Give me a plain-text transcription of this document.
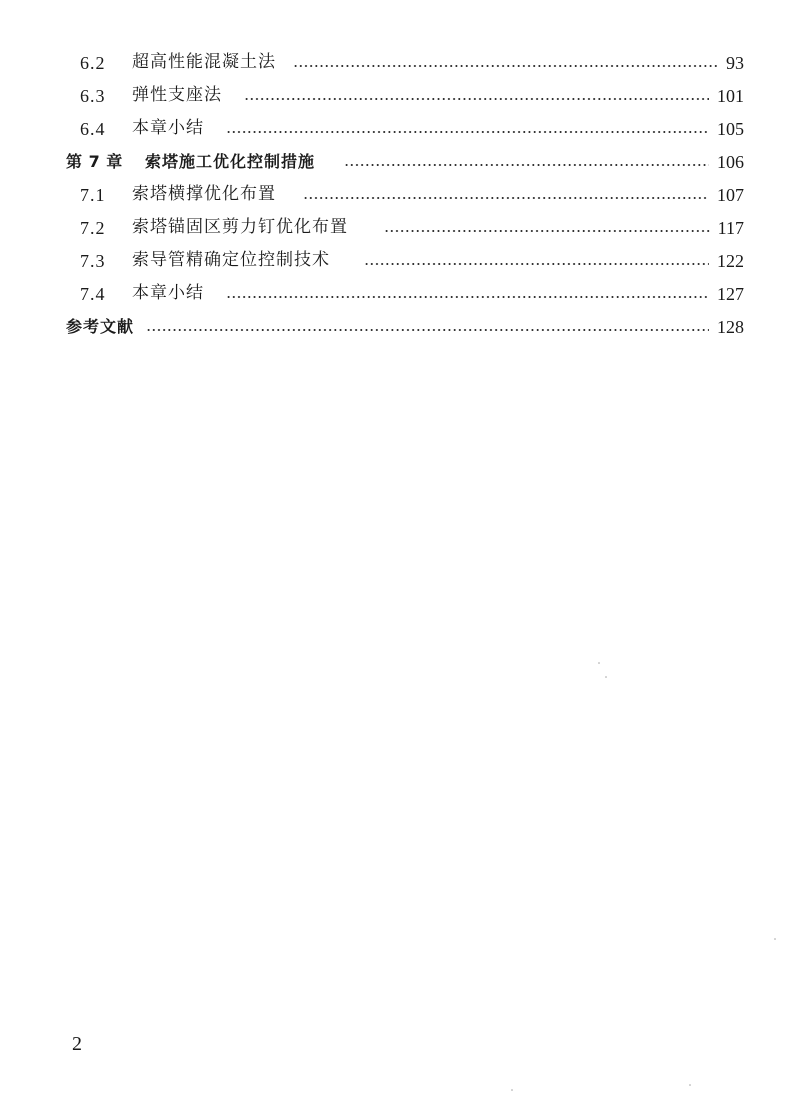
6.2	超高性能混凝土法	93
6.3	弹性支座法	101
6.4	本章小结	105
第 7 章 索塔施工优化控制措施	106
7.1	索塔横撑优化布置	107
7.2	索塔锚固区剪力钉优化布置	117
7.3	索导管精确定位控制技术	122
7.4	本章小结	127
参考文献	128
2
